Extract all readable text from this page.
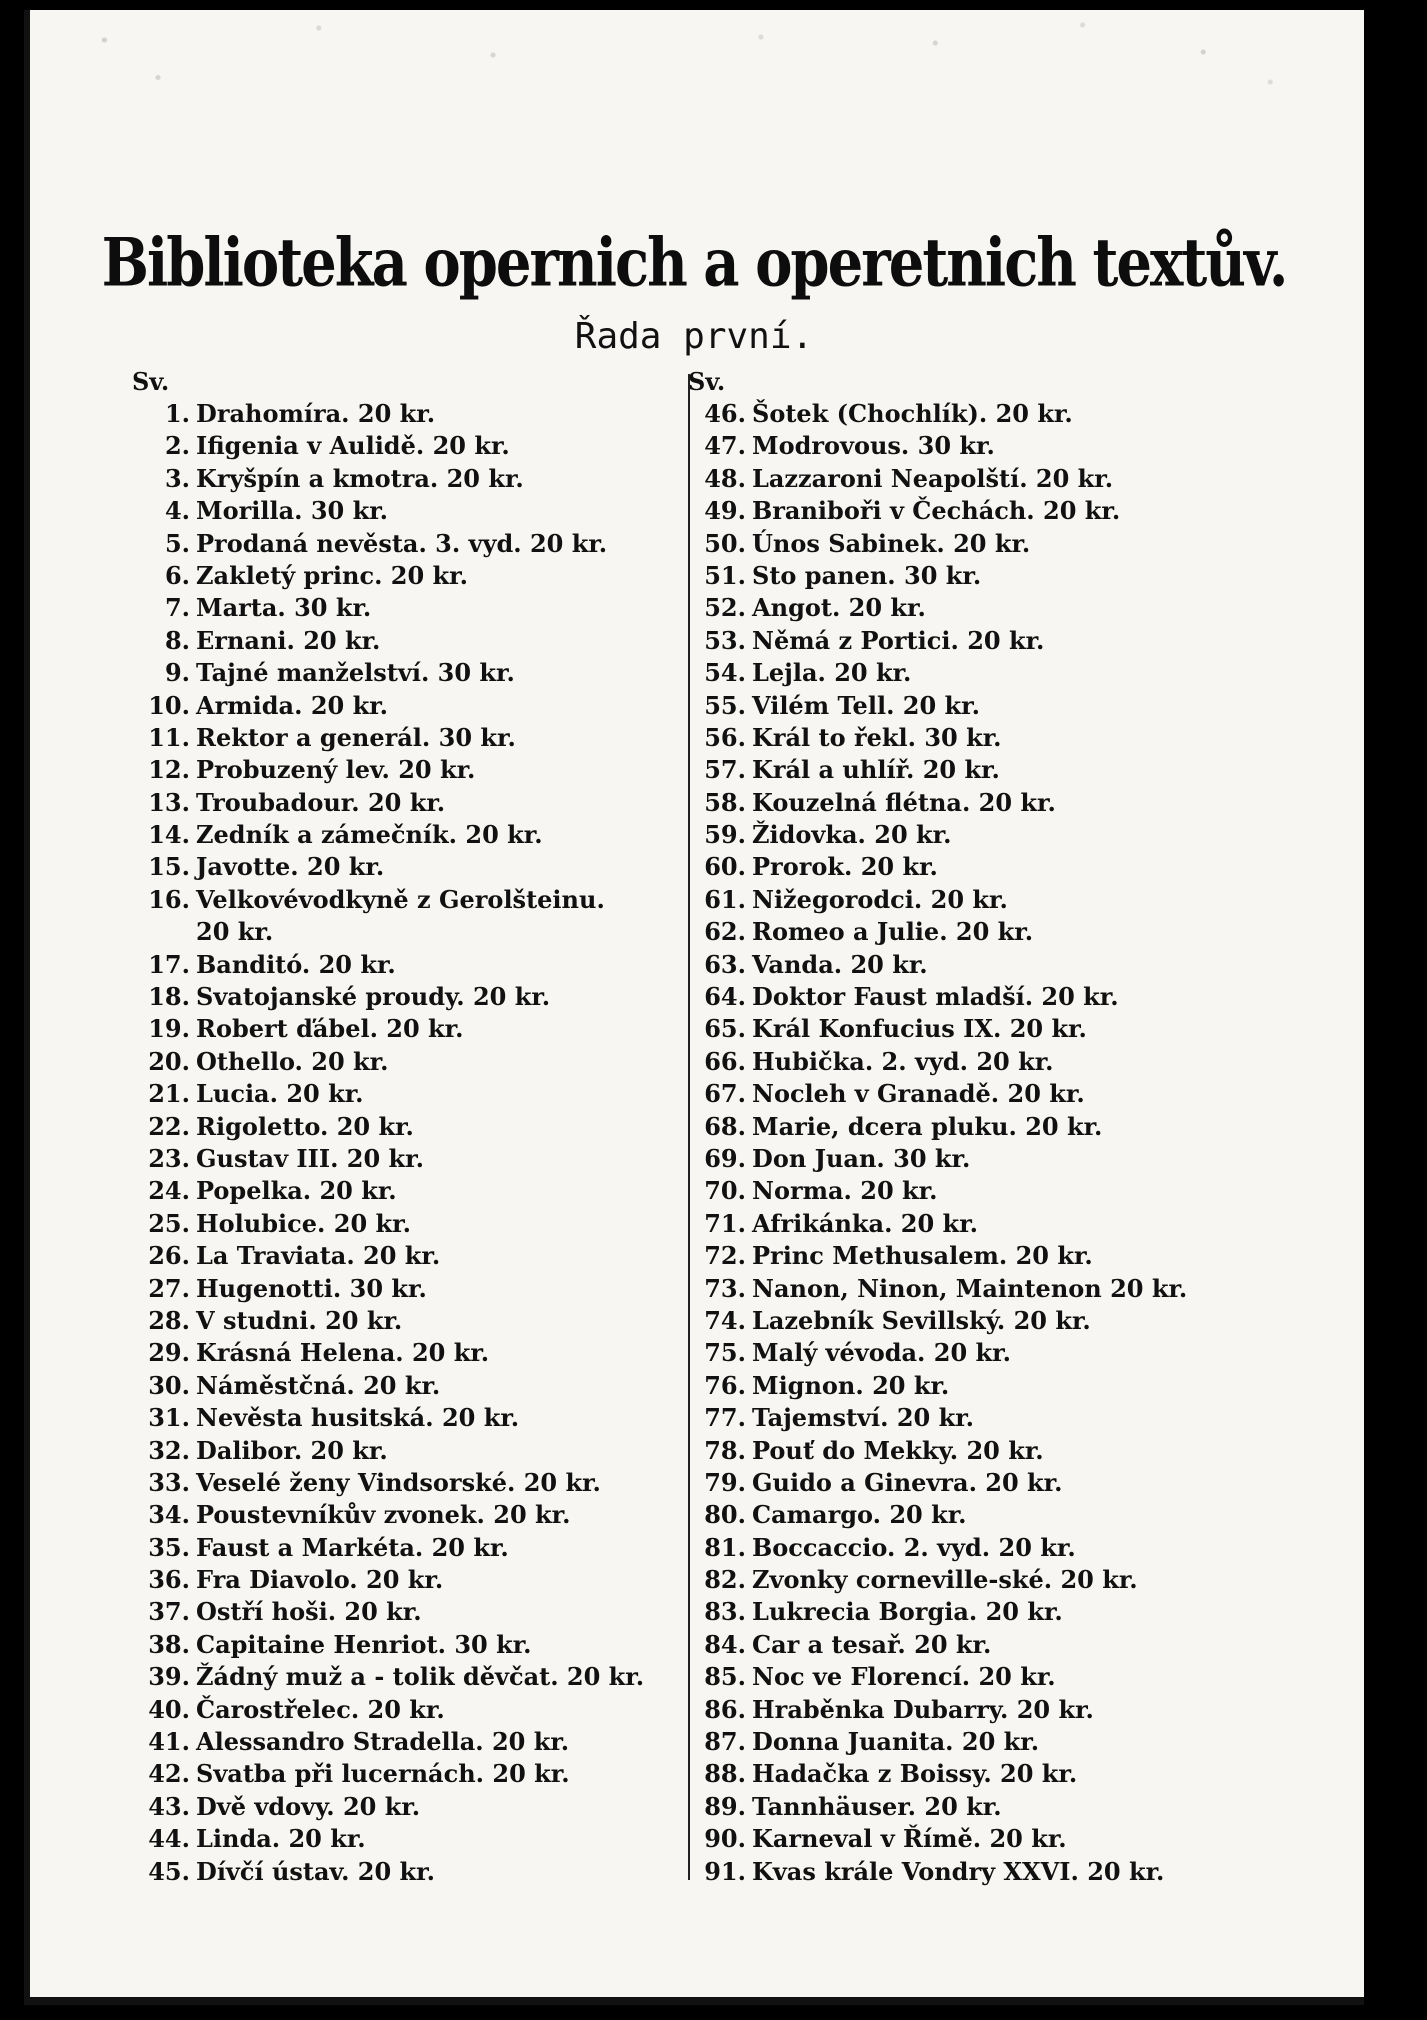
Biblioteka opernich a operetnich textův.
Řada první.
Sv.
1. Drahomíra. 20 kr.
2. Ifigenia v Aulidě. 20 kr.
3. Kryšpín a kmotra. 20 kr.
4. Morilla. 30 kr.
5. Prodaná nevěsta. 3. vyd. 20 kr.
6. Zakletý princ. 20 kr.
7. Marta. 30 kr.
8. Ernani. 20 kr.
9. Tajné manželství. 30 kr.
10. Armida. 20 kr.
11. Rektor a generál. 30 kr.
12. Probuzený lev. 20 kr.
13. Troubadour. 20 kr.
14. Zedník a zámečník. 20 kr.
15. Javotte. 20 kr.
16. Velkovévodkyně z Gerolšteinu.
20 kr.
17. Banditó. 20 kr.
18. Svatojanské proudy. 20 kr.
19. Robert ďábel. 20 kr.
20. Othello. 20 kr.
21. Lucia. 20 kr.
22. Rigoletto. 20 kr.
23. Gustav III. 20 kr.
24. Popelka. 20 kr.
25. Holubice. 20 kr.
26. La Traviata. 20 kr.
27. Hugenotti. 30 kr.
28. V studni. 20 kr.
29. Krásná Helena. 20 kr.
30. Náměstčná. 20 kr.
31. Nevěsta husitská. 20 kr.
32. Dalibor. 20 kr.
33. Veselé ženy Vindsorské. 20 kr.
34. Poustevníkův zvonek. 20 kr.
35. Faust a Markéta. 20 kr.
36. Fra Diavolo. 20 kr.
37. Ostří hoši. 20 kr.
38. Capitaine Henriot. 30 kr.
39. Žádný muž a - tolik děvčat. 20 kr.
40. Čarostřelec. 20 kr.
41. Alessandro Stradella. 20 kr.
42. Svatba při lucernách. 20 kr.
43. Dvě vdovy. 20 kr.
44. Linda. 20 kr.
45. Dívčí ústav. 20 kr.
Sv.
46. Šotek (Chochlík). 20 kr.
47. Modrovous. 30 kr.
48. Lazzaroni Neapolští. 20 kr.
49. Braniboři v Čechách. 20 kr.
50. Únos Sabinek. 20 kr.
51. Sto panen. 30 kr.
52. Angot. 20 kr.
53. Němá z Portici. 20 kr.
54. Lejla. 20 kr.
55. Vilém Tell. 20 kr.
56. Král to řekl. 30 kr.
57. Král a uhlíř. 20 kr.
58. Kouzelná flétna. 20 kr.
59. Židovka. 20 kr.
60. Prorok. 20 kr.
61. Nižegorodci. 20 kr.
62. Romeo a Julie. 20 kr.
63. Vanda. 20 kr.
64. Doktor Faust mladší. 20 kr.
65. Král Konfucius IX. 20 kr.
66. Hubička. 2. vyd. 20 kr.
67. Nocleh v Granadě. 20 kr.
68. Marie, dcera pluku. 20 kr.
69. Don Juan. 30 kr.
70. Norma. 20 kr.
71. Afrikánka. 20 kr.
72. Princ Methusalem. 20 kr.
73. Nanon, Ninon, Maintenon 20 kr.
74. Lazebník Sevillský. 20 kr.
75. Malý vévoda. 20 kr.
76. Mignon. 20 kr.
77. Tajemství. 20 kr.
78. Pouť do Mekky. 20 kr.
79. Guido a Ginevra. 20 kr.
80. Camargo. 20 kr.
81. Boccaccio. 2. vyd. 20 kr.
82. Zvonky corneville-ské. 20 kr.
83. Lukrecia Borgia. 20 kr.
84. Car a tesař. 20 kr.
85. Noc ve Florencí. 20 kr.
86. Hraběnka Dubarry. 20 kr.
87. Donna Juanita. 20 kr.
88. Hadačka z Boissy. 20 kr.
89. Tannhäuser. 20 kr.
90. Karneval v Římě. 20 kr.
91. Kvas krále Vondry XXVI. 20 kr.
